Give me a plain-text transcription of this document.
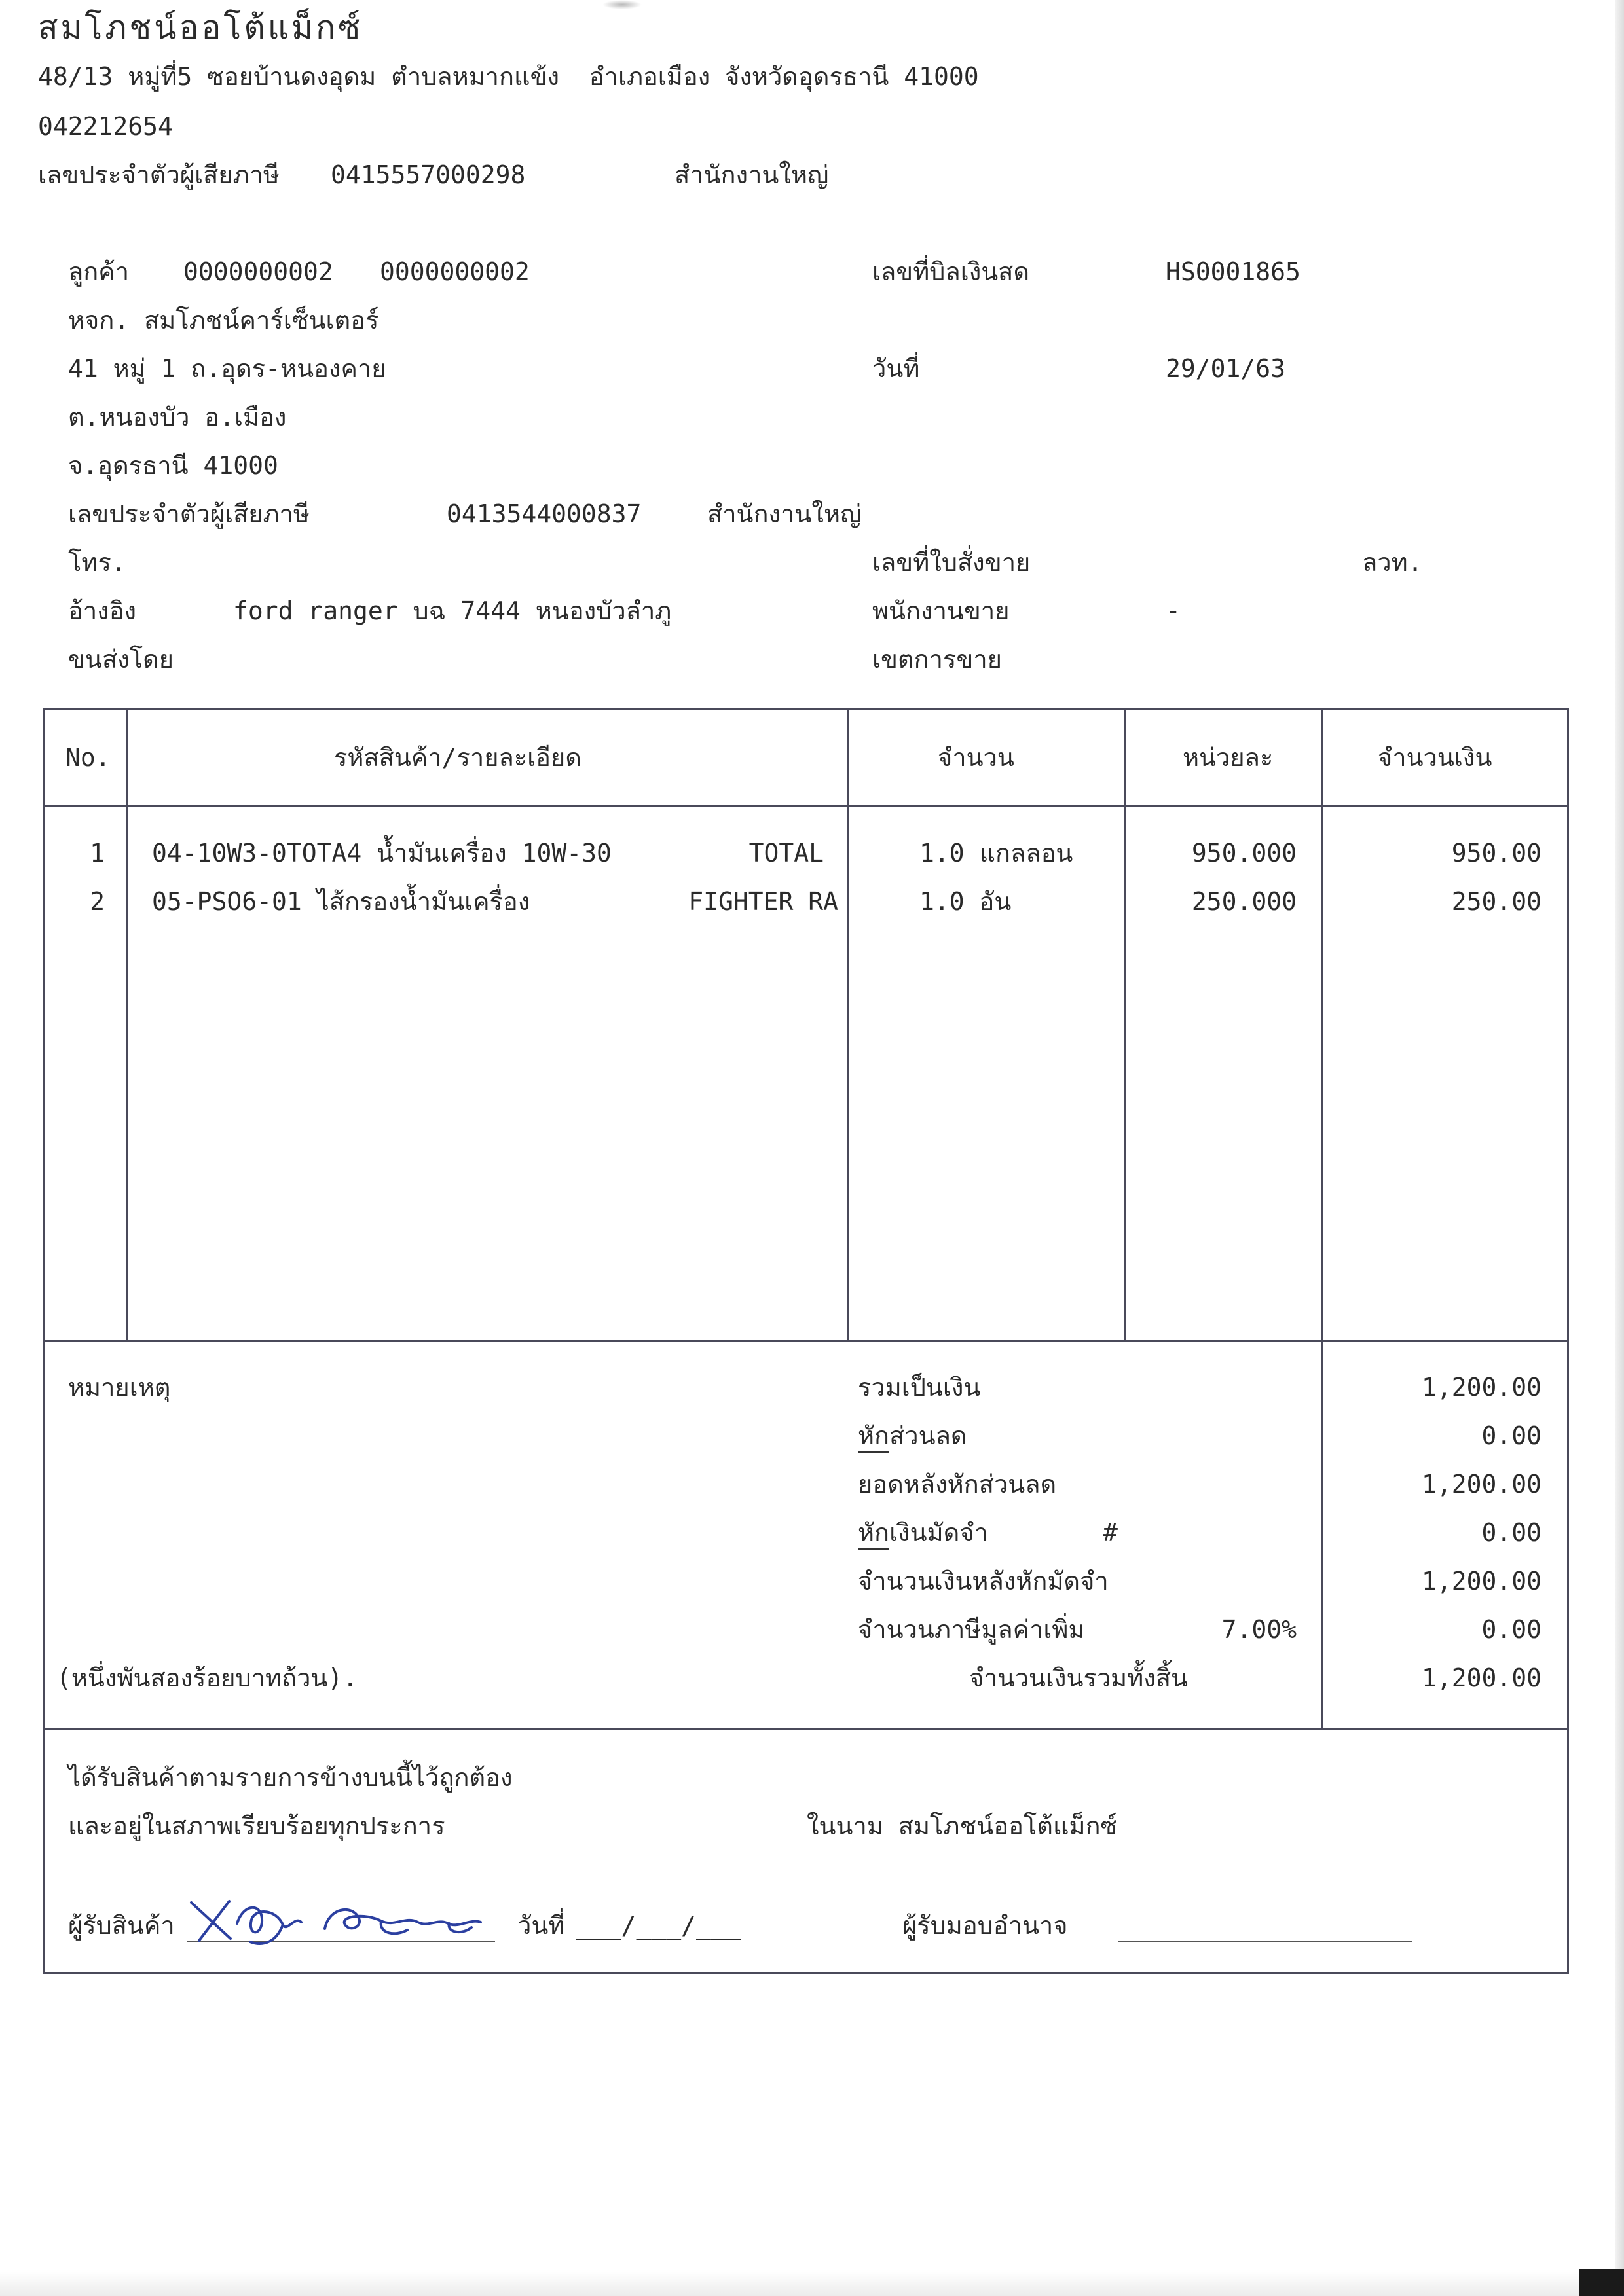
สมโภชน์ออโต้แม็กซ์
48/13 หมู่ที่5 ซอยบ้านดงอุดม ตำบลหมากแข้ง  อำเภอเมือง จังหวัดอุดรธานี 41000
042212654
เลขประจำตัวผู้เสียภาษี 0415557000298	สำนักงานใหญ่
ลูกค้า 0000000002 0000000002
หจก. สมโภชน์คาร์เซ็นเตอร์
41 หมู่ 1 ถ.อุดร-หนองคาย
ต.หนองบัว อ.เมือง
จ.อุดรธานี 41000
เลขประจำตัวผู้เสียภาษี	0413544000837	สำนักงานใหญ่
โทร.
อ้างอิง	ford ranger บฉ 7444 หนองบัวลำภู
ขนส่งโดย
เลขที่บิลเงินสด	HS0001865
วันที่	29/01/63
เลขที่ใบสั่งขาย	ลวท.
พนักงานขาย	-
เขตการขาย
No.	รหัสสินค้า/รายละเอียด	จำนวน	หน่วยละ	จำนวนเงิน
1 04-10W3-0TOTA4 น้ำมันเครื่อง 10W-30	TOTAL	1.0 แกลลอน	950.000	950.00
2 05-PSO6-01 ไส้กรองน้ำมันเครื่อง	FIGHTER RA	1.0 อัน	250.000	250.00
หมายเหตุ	รวมเป็นเงิน	1,200.00
หักส่วนลด	0.00
ยอดหลังหักส่วนลด	1,200.00
หักเงินมัดจำ	#	0.00
จำนวนเงินหลังหักมัดจำ	1,200.00
จำนวนภาษีมูลค่าเพิ่ม	7.00%	0.00
(หนึ่งพันสองร้อยบาทถ้วน).	จำนวนเงินรวมทั้งสิ้น	1,200.00
ได้รับสินค้าตามรายการข้างบนนี้ไว้ถูกต้อง
และอยู่ในสภาพเรียบร้อยทุกประการ	ในนาม สมโภชน์ออโต้แม็กซ์
ผู้รับสินค้า	วันที่ ___/___/___	ผู้รับมอบอำนาจ
